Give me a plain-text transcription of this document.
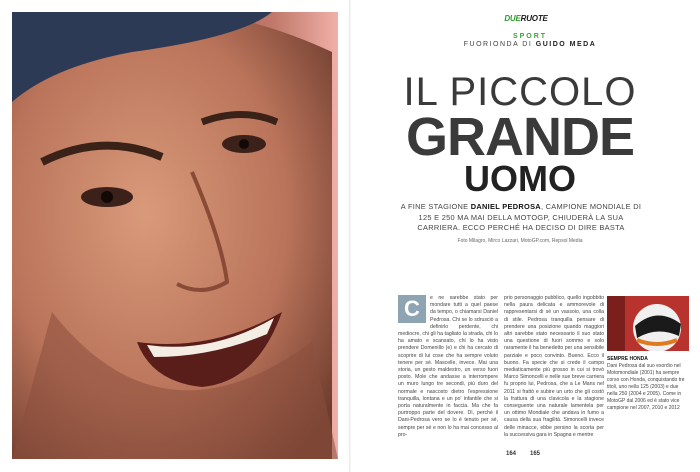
DUERUOTE
SPORT
FUORIONDA DI GUIDO MEDA
IL PICCOLO
GRANDE
UOMO
A FINE STAGIONE DANIEL PEDROSA, CAMPIONE MONDIALE DI 125 E 250 MA MAI DELLA MOTOGP, CHIUDERÀ LA SUA CARRIERA. ECCO PERCHÉ HA DECISO DI DIRE BASTA
Foto Milagro, Mirco Lazzari, MotoGP.com, Repsol Media
C	e ne sarebbe stato per mondare tutti a quel paese da tempo, o chiamarsi Daniel Pedrosa. Chi se lo sdrusciò a definirlo perdente, chi mediocre, chi gli ha tagliato la strada, chi lo ha amato e scansato, chi lo ha visto prendere Domenillo (e) e chi ha cercato di scoprire di lui cose che ha sempre voluto tenere per sé. Mascelle, invece. Mai una storia, un gesto maldestro, un verso fuori posto. Mole che andasse a interrompere un muro lungo tre secondi, più duro del normale e nascosto dietro l'espressione tranquilla, lontana e un po' infantile che si porta naturalmente in faccia. Ma che fa purtroppo parte del dovere. Dì, perché il Dani-Pedrosa vero se lo è tenuto per sé, sempre per sé e non lo ha mai concesso al pro-
prio personaggio pubblico, quello ingobbito nella paura delicata e ammorevole di rappresentarsi di sé un vassoio, una colla di stile. Pedrosa tranquilla pensare di prendere una posizione quando maggiori altri sarebbe stato necessario il suo stato una questione di fuori sommo e solo raramente il ha benedetto per una sensibile parziale e poco convinto. Bueno. Ecco il buono. Fa specie che si crede il campo mediaticamente più grosso in cui si trovò Marco Simoncelli e nelle sue breve carriera fu proprio lui, Pedrosa, che a Le Mans nel 2011 si frattò e subire un urto che gli costò la frattura di una clavicola e la stagione conseguente una naturale lamentela per un ottimo Mondiale che andava in fumo a causa della sua fragilità. Simoncelli invece delle minacce, ebbe persino la scorta per la successiva gara in Spagna e mentre
SEMPRE HONDA
Dani Pedrosa dal suo esordio nel Motomondiale (2001) ha sempre corso con Honda, conquistando tre titoli, uno nella 125 (2003) e due nella 250 (2004 e 2005). Come in MotoGP dal 2006 ed è stato vice campione nel 2007, 2010 e 2012
164 165
